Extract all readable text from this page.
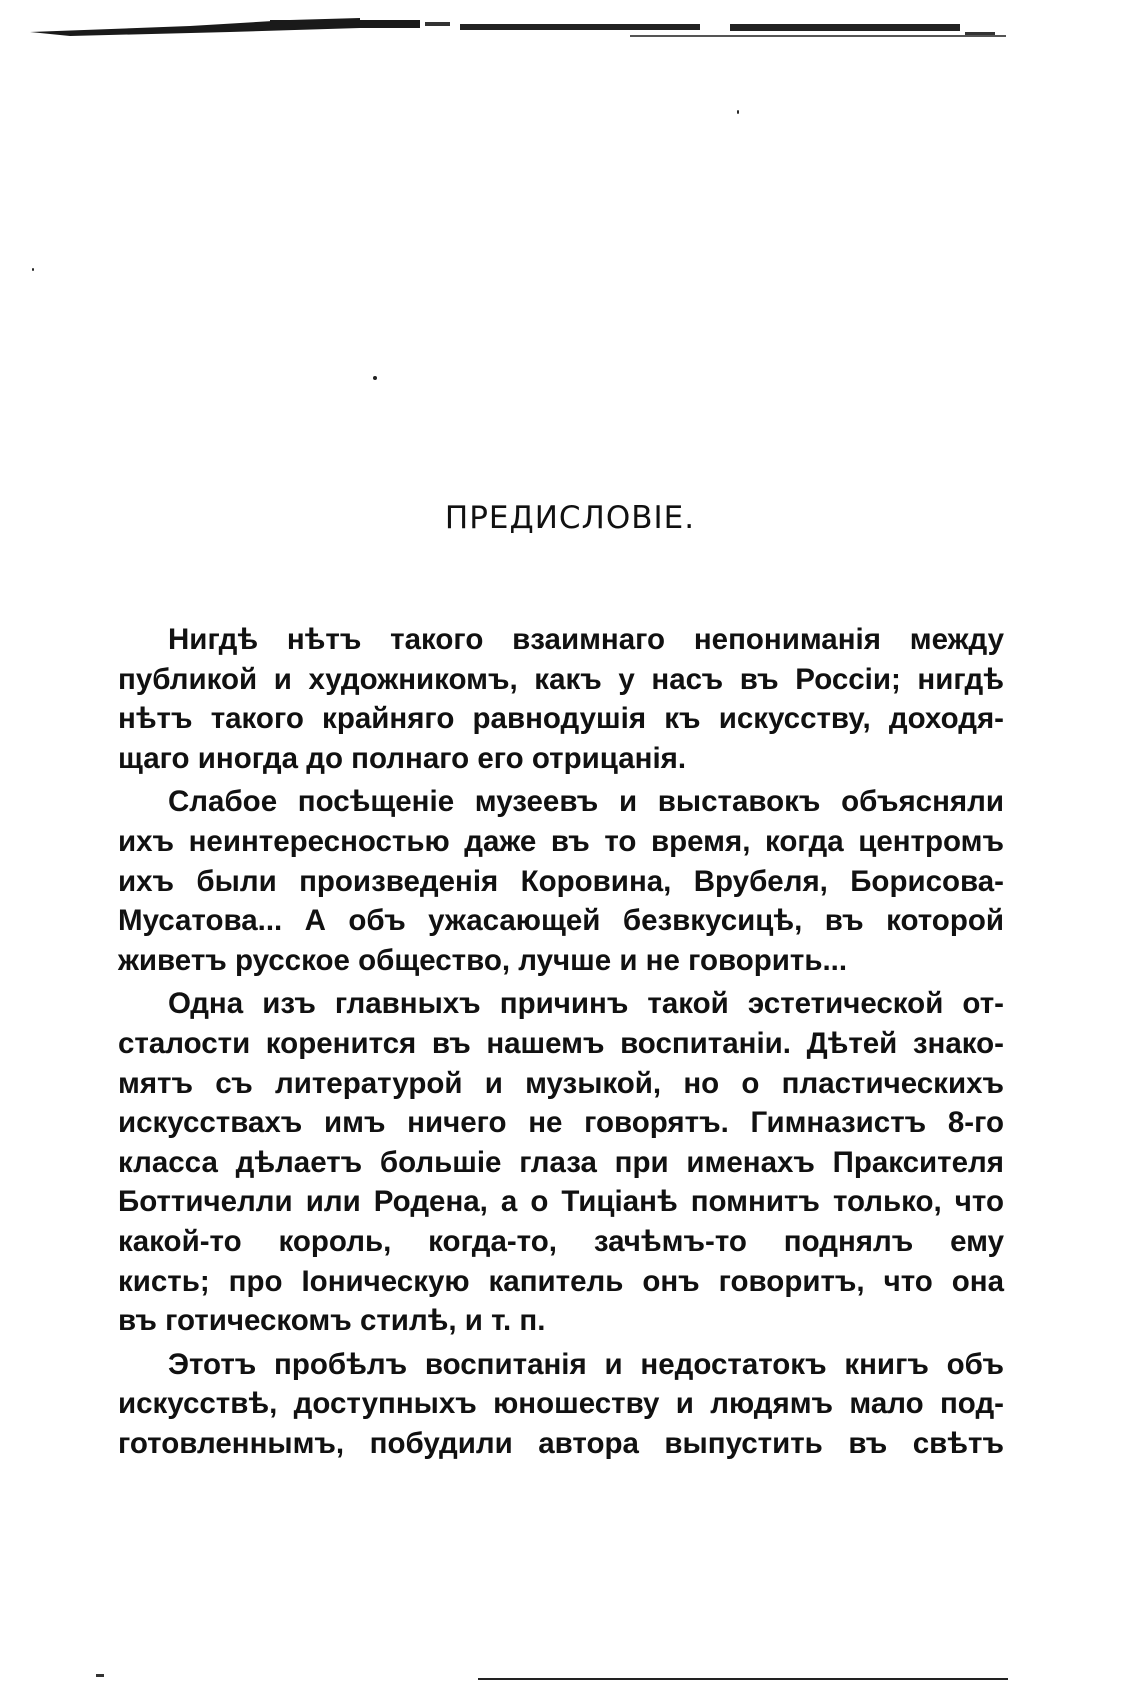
ПРЕДИСЛОВIЕ.
Нигдѣ нѣтъ такого взаимнаго непониманiя между
публикой и художникомъ, какъ у насъ въ Россiи; нигдѣ
нѣтъ такого крайняго равнодушiя къ искусству, доходя-
щаго иногда до полнаго его отрицанiя.
Слабое посѣщенiе музеевъ и выставокъ объясняли
ихъ неинтересностью даже въ то время, когда центромъ
ихъ были произведенiя Коровина, Врубеля, Борисова-
Мусатова... А объ ужасающей безвкусицѣ, въ которой
живетъ русское общество, лучше и не говорить...
Одна изъ главныхъ причинъ такой эстетической от-
сталости коренится въ нашемъ воспитанiи. Дѣтей знако-
мятъ съ литературой и музыкой, но о пластическихъ
искусствахъ имъ ничего не говорятъ. Гимназистъ 8-го
класса дѣлаетъ большiе глаза при именахъ Праксителя
Боттичелли или Родена, а о Тицiанѣ помнитъ только, что
какой-то король, когда-то, зачѣмъ-то поднялъ ему
кисть; про Iоническую капитель онъ говоритъ, что она
въ готическомъ стилѣ, и т. п.
Этотъ пробѣлъ воспитанiя и недостатокъ книгъ объ
искусствѣ, доступныхъ юношеству и людямъ мало под-
готовленнымъ, побудили автора выпустить въ свѣтъ
